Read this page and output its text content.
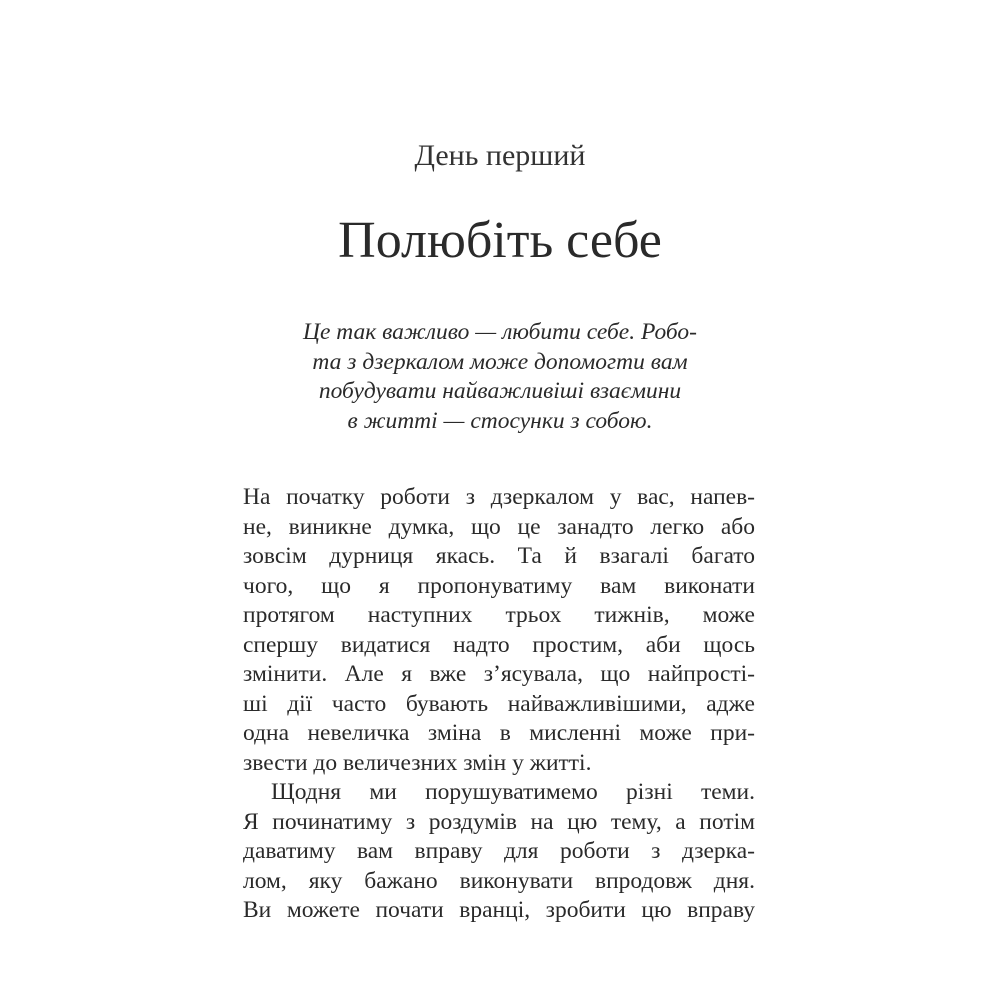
День перший
Полюбіть себе
Це так важливо — любити себе. Робо-
та з дзеркалом може допомогти вам
побудувати найважливіші взаємини
в житті — стосунки з собою.
На початку роботи з дзеркалом у вас, напев-
не, виникне думка, що це занадто легко або
зовсім дурниця якась. Та й взагалі багато
чого, що я пропонуватиму вам виконати
протягом наступних трьох тижнів, може
спершу видатися надто простим, аби щось
змінити. Але я вже з’ясувала, що найпрості-
ші дії часто бувають найважливішими, адже
одна невеличка зміна в мисленні може при-
звести до величезних змін у житті.
Щодня ми порушуватимемо різні теми.
Я починатиму з роздумів на цю тему, а потім
даватиму вам вправу для роботи з дзерка-
лом, яку бажано виконувати впродовж дня.
Ви можете почати вранці, зробити цю вправу
